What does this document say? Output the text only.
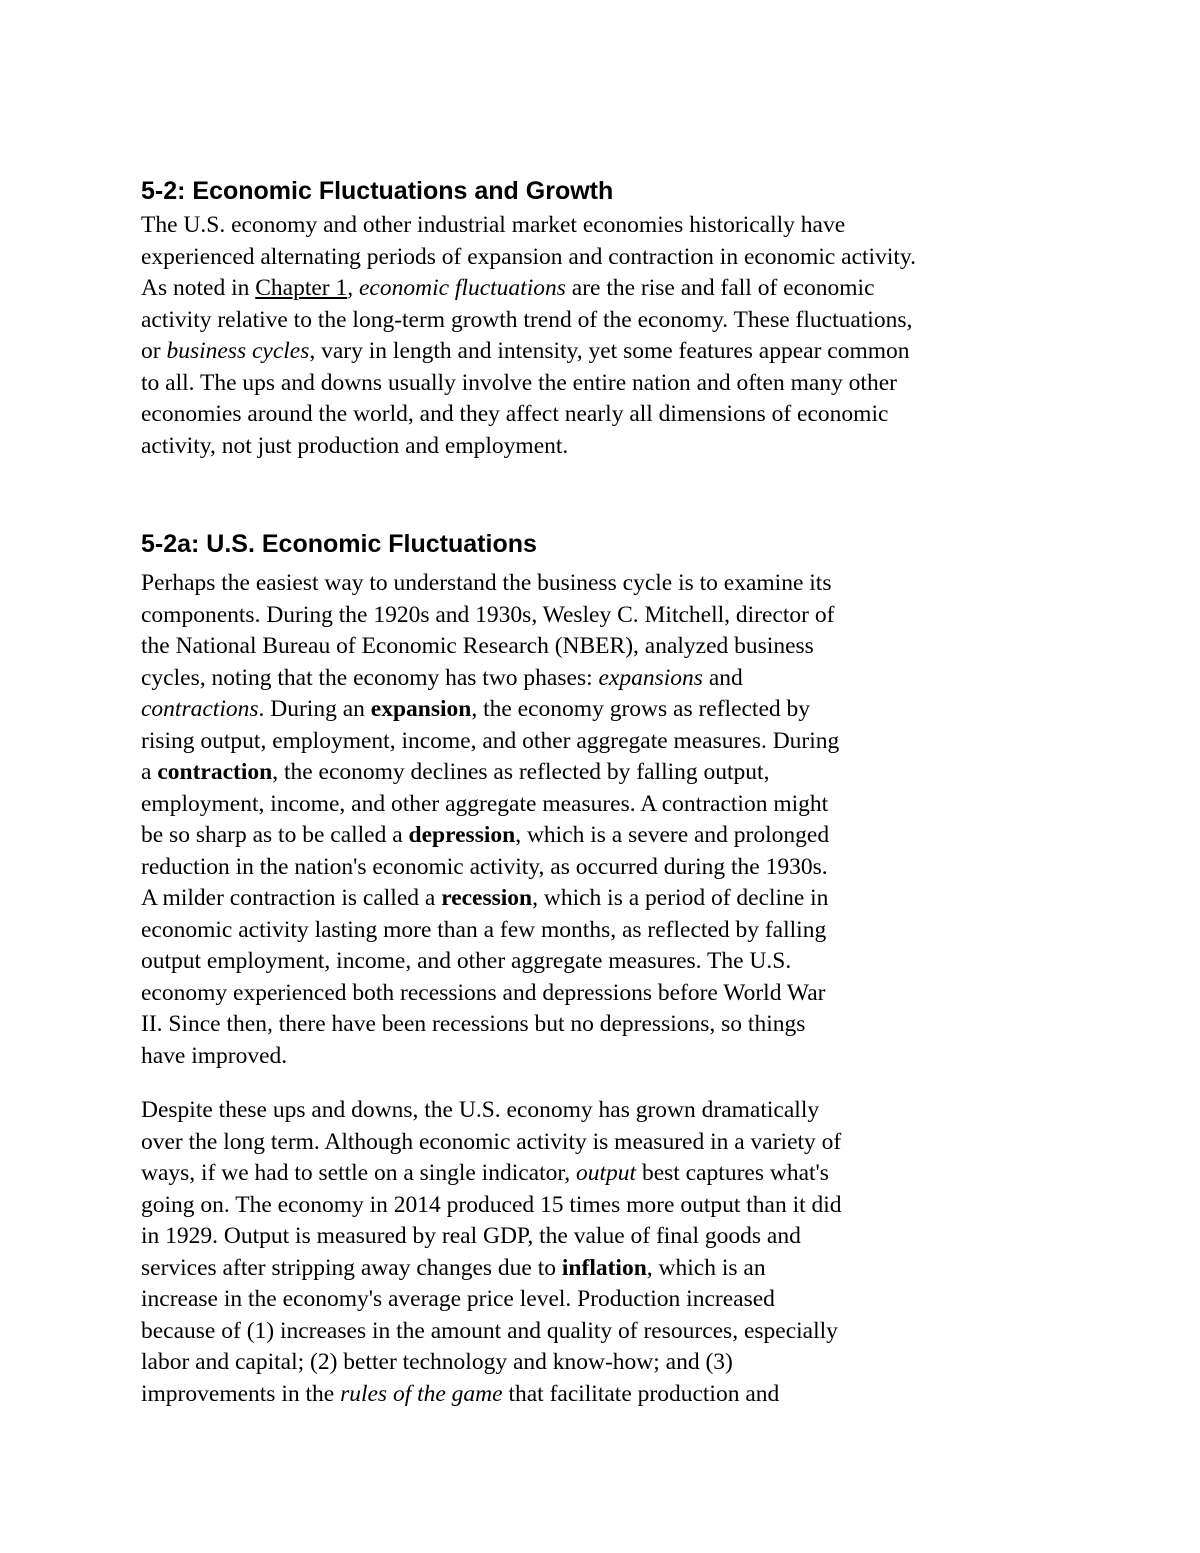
5-2: Economic Fluctuations and Growth

The U.S. economy and other industrial market economies historically have
experienced alternating periods of expansion and contraction in economic activity.
As noted in Chapter 1, economic fluctuations are the rise and fall of economic
activity relative to the long-term growth trend of the economy. These fluctuations,
or business cycles, vary in length and intensity, yet some features appear common
to all. The ups and downs usually involve the entire nation and often many other
economies around the world, and they affect nearly all dimensions of economic
activity, not just production and employment.

5-2a: U.S. Economic Fluctuations

Perhaps the easiest way to understand the business cycle is to examine its
components. During the 1920s and 1930s, Wesley C. Mitchell, director of
the National Bureau of Economic Research (NBER), analyzed business
cycles, noting that the economy has two phases: expansions and
contractions. During an expansion, the economy grows as reflected by
rising output, employment, income, and other aggregate measures. During
a contraction, the economy declines as reflected by falling output,
employment, income, and other aggregate measures. A contraction might
be so sharp as to be called a depression, which is a severe and prolonged
reduction in the nation's economic activity, as occurred during the 1930s.
A milder contraction is called a recession, which is a period of decline in
economic activity lasting more than a few months, as reflected by falling
output employment, income, and other aggregate measures. The U.S.
economy experienced both recessions and depressions before World War
II. Since then, there have been recessions but no depressions, so things
have improved.

Despite these ups and downs, the U.S. economy has grown dramatically
over the long term. Although economic activity is measured in a variety of
ways, if we had to settle on a single indicator, output best captures what's
going on. The economy in 2014 produced 15 times more output than it did
in 1929. Output is measured by real GDP, the value of final goods and
services after stripping away changes due to inflation, which is an
increase in the economy's average price level. Production increased
because of (1) increases in the amount and quality of resources, especially
labor and capital; (2) better technology and know-how; and (3)
improvements in the rules of the game that facilitate production and
